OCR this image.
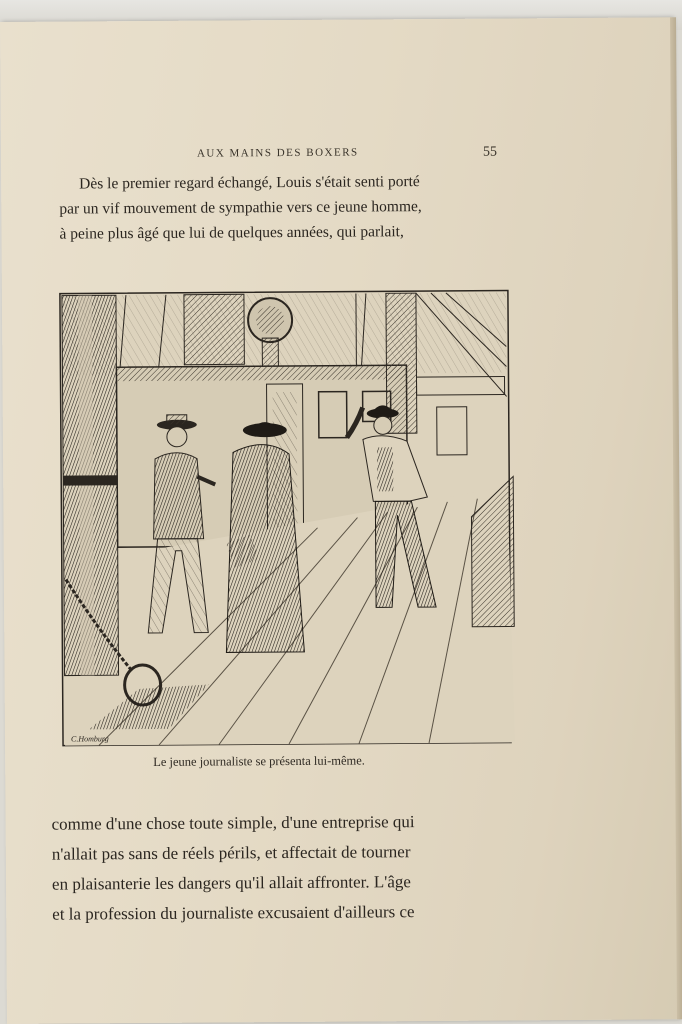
AUX MAINS DES BOXERS	55
Dès le premier regard échangé, Louis s'était senti porté
par un vif mouvement de sympathie vers ce jeune homme,
à peine plus âgé que lui de quelques années, qui parlait,
C.Homburg
Le jeune journaliste se présenta lui-même.
comme d'une chose toute simple, d'une entreprise qui
n'allait pas sans de réels périls, et affectait de tourner
en plaisanterie les dangers qu'il allait affronter. L'âge
et la profession du journaliste excusaient d'ailleurs ce
